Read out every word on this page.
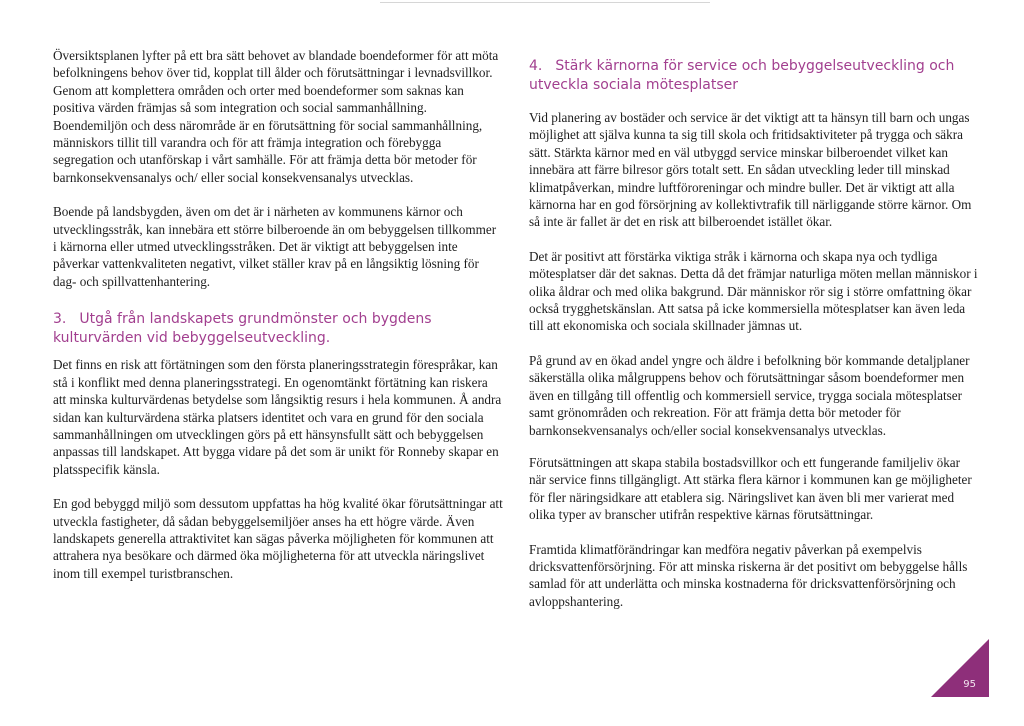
Översiktsplanen lyfter på ett bra sätt behovet av blandade boendeformer för att möta befolkningens behov över tid, kopplat till ålder och förutsättningar i levnadsvillkor. Genom att komplettera områden och orter med boendeformer som saknas kan positiva värden främjas så som integration och social sammanhållning. Boendemiljön och dess närområde är en förutsättning för social sammanhållning, människors tillit till varandra och för att främja integration och förebygga segregation och utanförskap i vårt samhälle. För att främja detta bör metoder för barnkonsekvensanalys och/ eller social konsekvensanalys utvecklas.

Boende på landsbygden, även om det är i närheten av kommunens kärnor och utvecklingsstråk, kan innebära ett större bilberoende än om bebyggelsen tillkommer i kärnorna eller utmed utvecklingsstråken. Det är viktigt att bebyggelsen inte påverkar vattenkvaliteten negativt, vilket ställer krav på en långsiktig lösning för dag- och spillvattenhantering.

3. Utgå från landskapets grundmönster och bygdens kulturvärden vid bebyggelseutveckling.

Det finns en risk att förtätningen som den första planeringsstrategin förespråkar, kan stå i konflikt med denna planeringsstrategi. En ogenomtänkt förtätning kan riskera att minska kulturvärdenas betydelse som långsiktig resurs i hela kommunen. Å andra sidan kan kulturvärdena stärka platsers identitet och vara en grund för den sociala sammanhållningen om utvecklingen görs på ett hänsynsfullt sätt och bebyggelsen anpassas till landskapet. Att bygga vidare på det som är unikt för Ronneby skapar en platsspecifik känsla.

En god bebyggd miljö som dessutom uppfattas ha hög kvalité ökar förutsättningar att utveckla fastigheter, då sådan bebyggelsemiljöer anses ha ett högre värde. Även landskapets generella attraktivitet kan sägas påverka möjligheten för kommunen att attrahera nya besökare och därmed öka möjligheterna för att utveckla näringslivet inom till exempel turistbranschen.

4. Stärk kärnorna för service och bebyggelseutveckling och utveckla sociala mötesplatser

Vid planering av bostäder och service är det viktigt att ta hänsyn till barn och ungas möjlighet att själva kunna ta sig till skola och fritidsaktiviteter på trygga och säkra sätt. Stärkta kärnor med en väl utbyggd service minskar bilberoendet vilket kan innebära att färre bilresor görs totalt sett. En sådan utveckling leder till minskad klimatpåverkan, mindre luftföroreningar och mindre buller. Det är viktigt att alla kärnorna har en god försörjning av kollektivtrafik till närliggande större kärnor. Om så inte är fallet är det en risk att bilberoendet istället ökar.

Det är positivt att förstärka viktiga stråk i kärnorna och skapa nya och tydliga mötesplatser där det saknas. Detta då det främjar naturliga möten mellan människor i olika åldrar och med olika bakgrund. Där människor rör sig i större omfattning ökar också trygghetskänslan. Att satsa på icke kommersiella mötesplatser kan även leda till att ekonomiska och sociala skillnader jämnas ut.

På grund av en ökad andel yngre och äldre i befolkning bör kommande detaljplaner säkerställa olika målgruppens behov och förutsättningar såsom boendeformer men även en tillgång till offentlig och kommersiell service, trygga sociala mötesplatser samt grönområden och rekreation. För att främja detta bör metoder för barnkonsekvensanalys och/eller social konsekvensanalys utvecklas.

Förutsättningen att skapa stabila bostadsvillkor och ett fungerande familjeliv ökar när service finns tillgängligt. Att stärka flera kärnor i kommunen kan ge möjligheter för fler näringsidkare att etablera sig. Näringslivet kan även bli mer varierat med olika typer av branscher utifrån respektive kärnas förutsättningar.

Framtida klimatförändringar kan medföra negativ påverkan på exempelvis dricksvattenförsörjning. För att minska riskerna är det positivt om bebyggelse hålls samlad för att underlätta och minska kostnaderna för dricksvattenförsörjning och avloppshantering.

95
